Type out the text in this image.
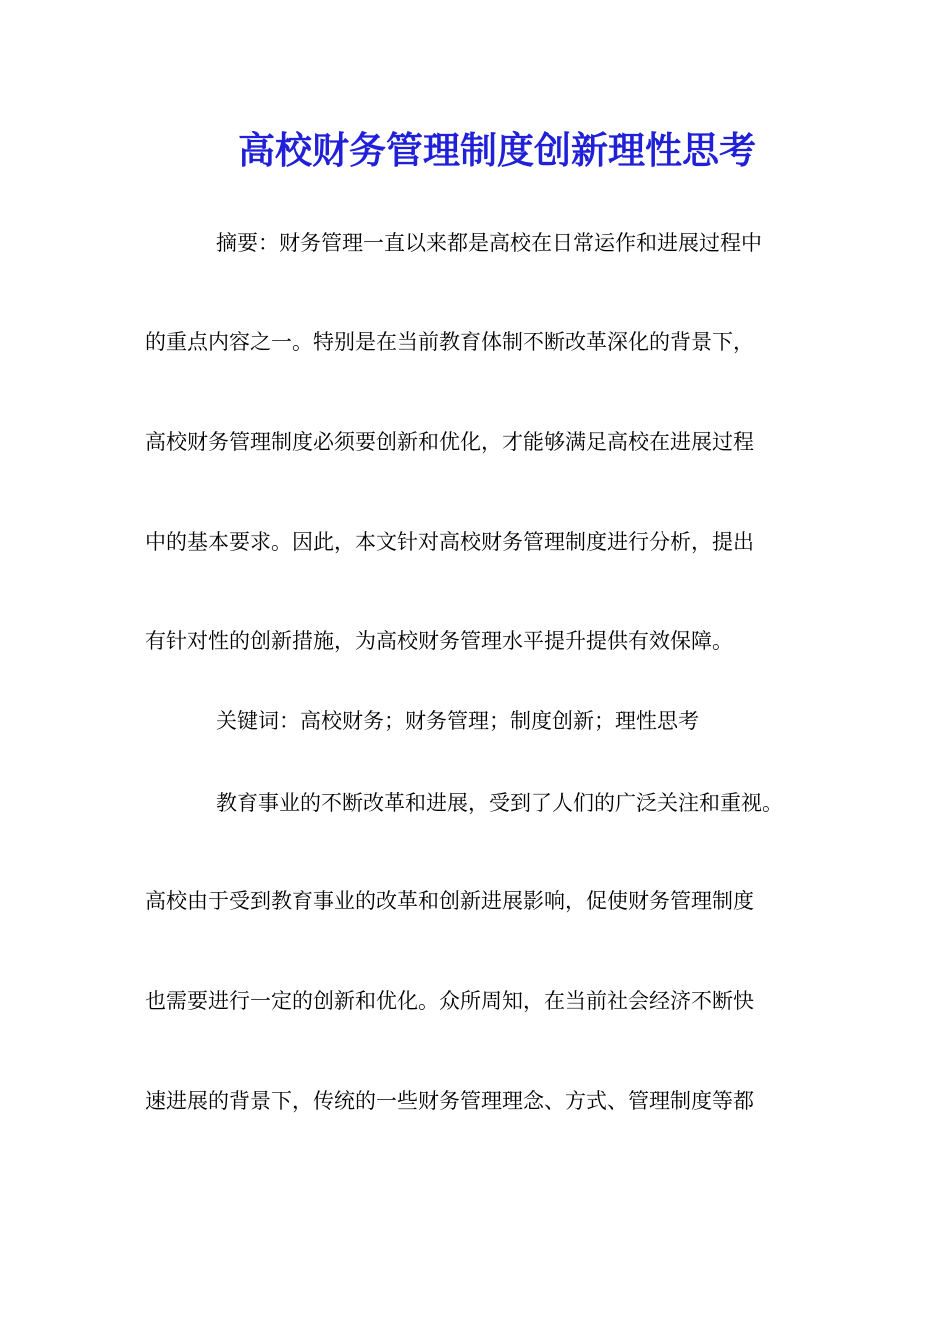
高校财务管理制度创新理性思考
摘要：财务管理一直以来都是高校在日常运作和进展过程中
的重点内容之一。特别是在当前教育体制不断改革深化的背景下，
高校财务管理制度必须要创新和优化，才能够满足高校在进展过程
中的基本要求。因此，本文针对高校财务管理制度进行分析，提出
有针对性的创新措施，为高校财务管理水平提升提供有效保障。
关键词：高校财务；财务管理；制度创新；理性思考
教育事业的不断改革和进展，受到了人们的广泛关注和重视。
高校由于受到教育事业的改革和创新进展影响，促使财务管理制度
也需要进行一定的创新和优化。众所周知，在当前社会经济不断快
速进展的背景下，传统的一些财务管理理念、方式、管理制度等都
